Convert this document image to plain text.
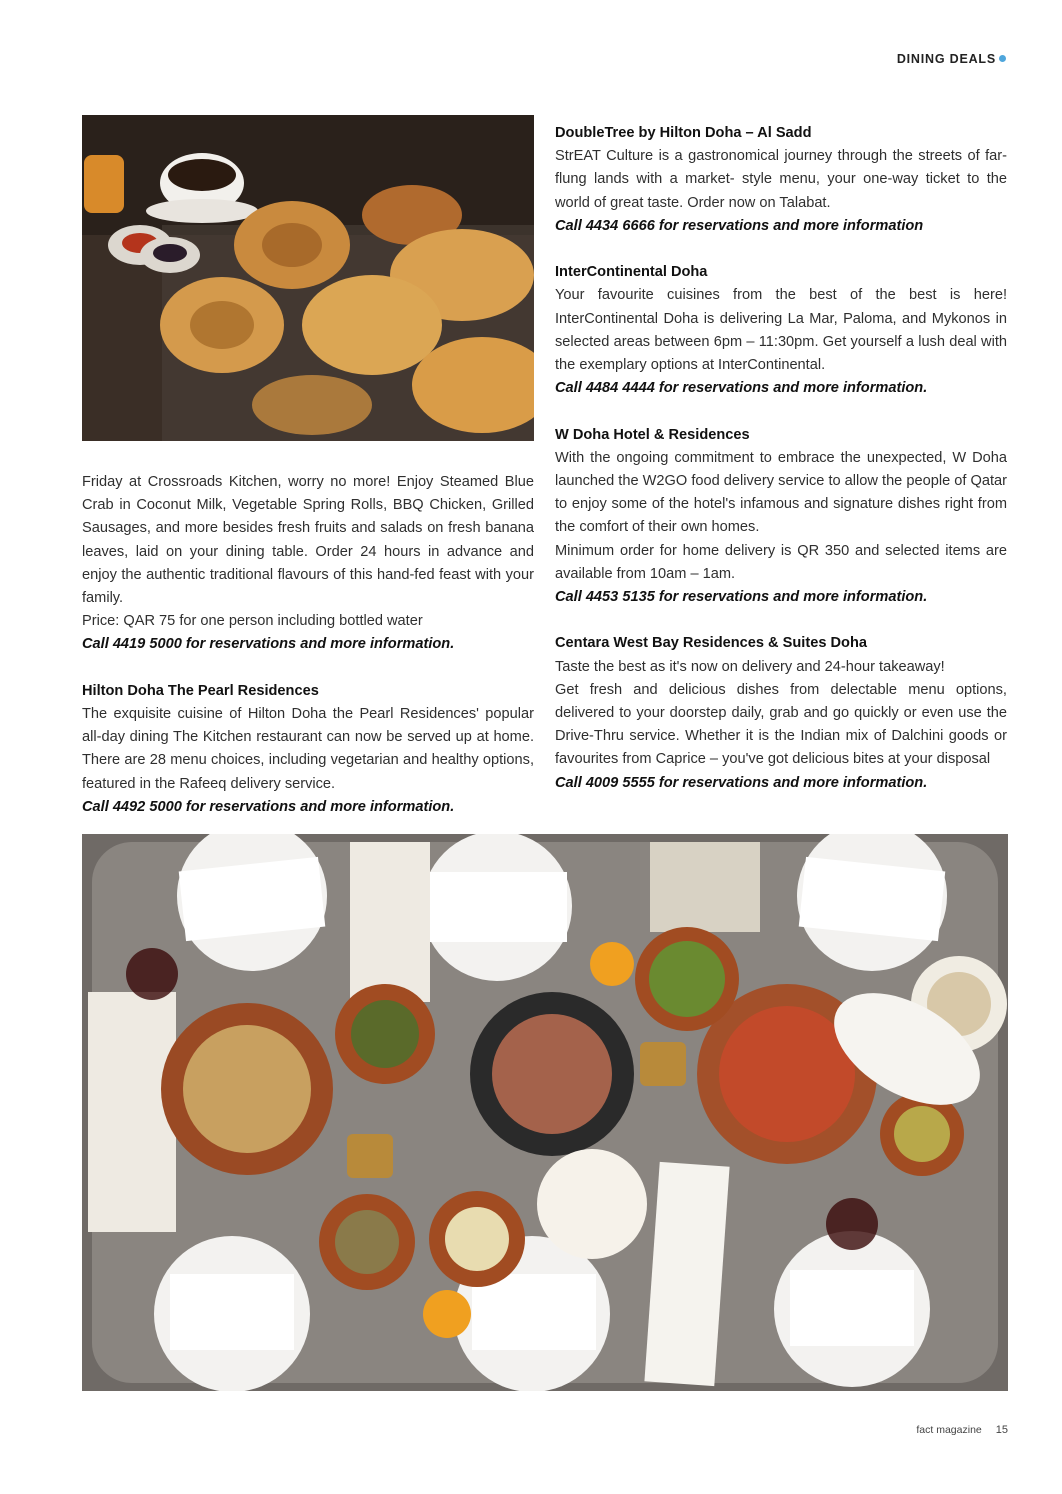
DINING DEALS

Friday at Crossroads Kitchen, worry no more! Enjoy Steamed Blue Crab in Coconut Milk, Vegetable Spring Rolls, BBQ Chicken, Grilled Sausages, and more besides fresh fruits and salads on fresh banana leaves, laid on your dining table. Order 24 hours in advance and enjoy the authentic traditional flavours of this hand-fed feast with your family.

Price: QAR 75 for one person including bottled water

Call 4419 5000 for reservations and more information.

Hilton Doha The Pearl Residences

The exquisite cuisine of Hilton Doha the Pearl Residences' popular all-day dining The Kitchen restaurant can now be served up at home. There are 28 menu choices, including vegetarian and healthy options, featured in the Rafeeq delivery service.

Call 4492 5000 for reservations and more information.

DoubleTree by Hilton Doha – Al Sadd

StrEAT Culture is a gastronomical journey through the streets of far-flung lands with a market- style menu, your one-way ticket to the world of great taste. Order now on Talabat.

Call 4434 6666 for reservations and more information

InterContinental Doha

Your favourite cuisines from the best of the best is here! InterContinental Doha is delivering La Mar, Paloma, and Mykonos in selected areas between 6pm – 11:30pm. Get yourself a lush deal with the exemplary options at InterContinental.

Call 4484 4444 for reservations and more information.

W Doha Hotel & Residences

With the ongoing commitment to embrace the unexpected, W Doha launched the W2GO food delivery service to allow the people of Qatar to enjoy some of the hotel's infamous and signature dishes right from the comfort of their own homes.

Minimum order for home delivery is QR 350 and selected items are available from 10am – 1am.

Call 4453 5135 for reservations and more information.

Centara West Bay Residences & Suites Doha

Taste the best as it's now on delivery and 24-hour takeaway!

Get fresh and delicious dishes from delectable menu options, delivered to your doorstep daily, grab and go quickly or even use the Drive-Thru service. Whether it is the Indian mix of Dalchini goods or favourites from Caprice – you've got delicious bites at your disposal

Call 4009 5555 for reservations and more information.

fact magazine 15
